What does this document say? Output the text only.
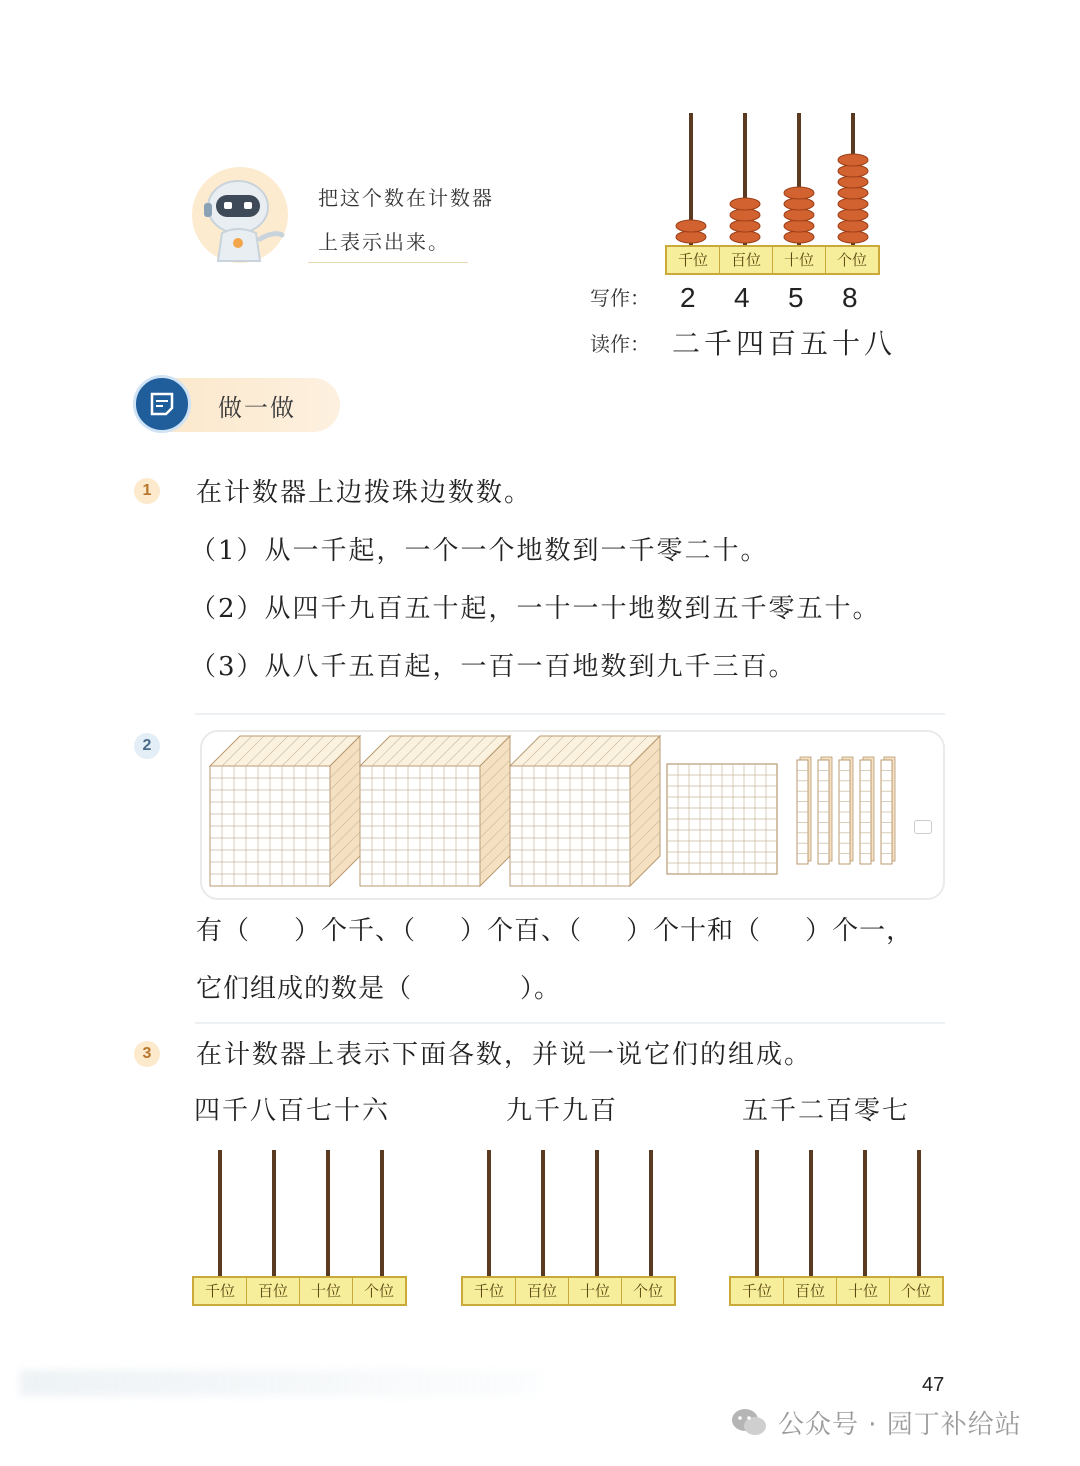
把这个数在计数器
上表示出来。
千位	百位	十位	个位
写作： 2 4 5 8
读作： 二千四百五十八
做一做
1	在计数器上边拨珠边数数。
（1）从一千起，一个一个地数到一千零二十。
（2）从四千九百五十起，一十一十地数到五千零五十。
（3）从八千五百起，一百一百地数到九千三百。
2
有（ ）个千、（ ）个百、（ ）个十和（ ）个一，
它们组成的数是（	）。
3	在计数器上表示下面各数，并说一说它们的组成。
四千八百七十六	九千九百	五千二百零七
千位	百位	十位	个位	千位	百位	十位	个位	千位	百位	十位	个位
47
公众号 · 园丁补给站
